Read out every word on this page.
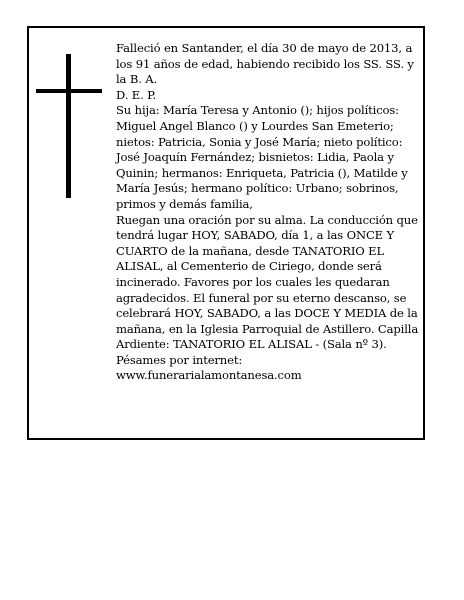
Falleció en Santander, el día 30 de mayo de 2013, a los 91 años de edad, habiendo recibido los SS. SS. y la B. A.

D. E. P.

Su hija: María Teresa y Antonio (); hijos políticos: Miguel Angel Blanco () y Lourdes San Emeterio; nietos: Patricia, Sonia y José María; nieto político: José Joaquín Fernández; bisnietos: Lidia, Paola y Quinin; hermanos: Enriqueta, Patricia (), Matilde y María Jesús; hermano político: Urbano; sobrinos, primos y demás familia,

Ruegan una oración por su alma. La conducción que tendrá lugar HOY, SABADO, día 1, a las ONCE Y CUARTO de la mañana, desde TANATORIO EL ALISAL, al Cementerio de Ciriego, donde será incinerado. Favores por los cuales les quedaran agradecidos. El funeral por su eterno descanso, se celebrará HOY, SABADO, a las DOCE Y MEDIA de la mañana, en la Iglesia Parroquial de Astillero. Capilla Ardiente: TANATORIO EL ALISAL - (Sala nº 3).

Pésames por internet: www.funerarialamontanesa.com
